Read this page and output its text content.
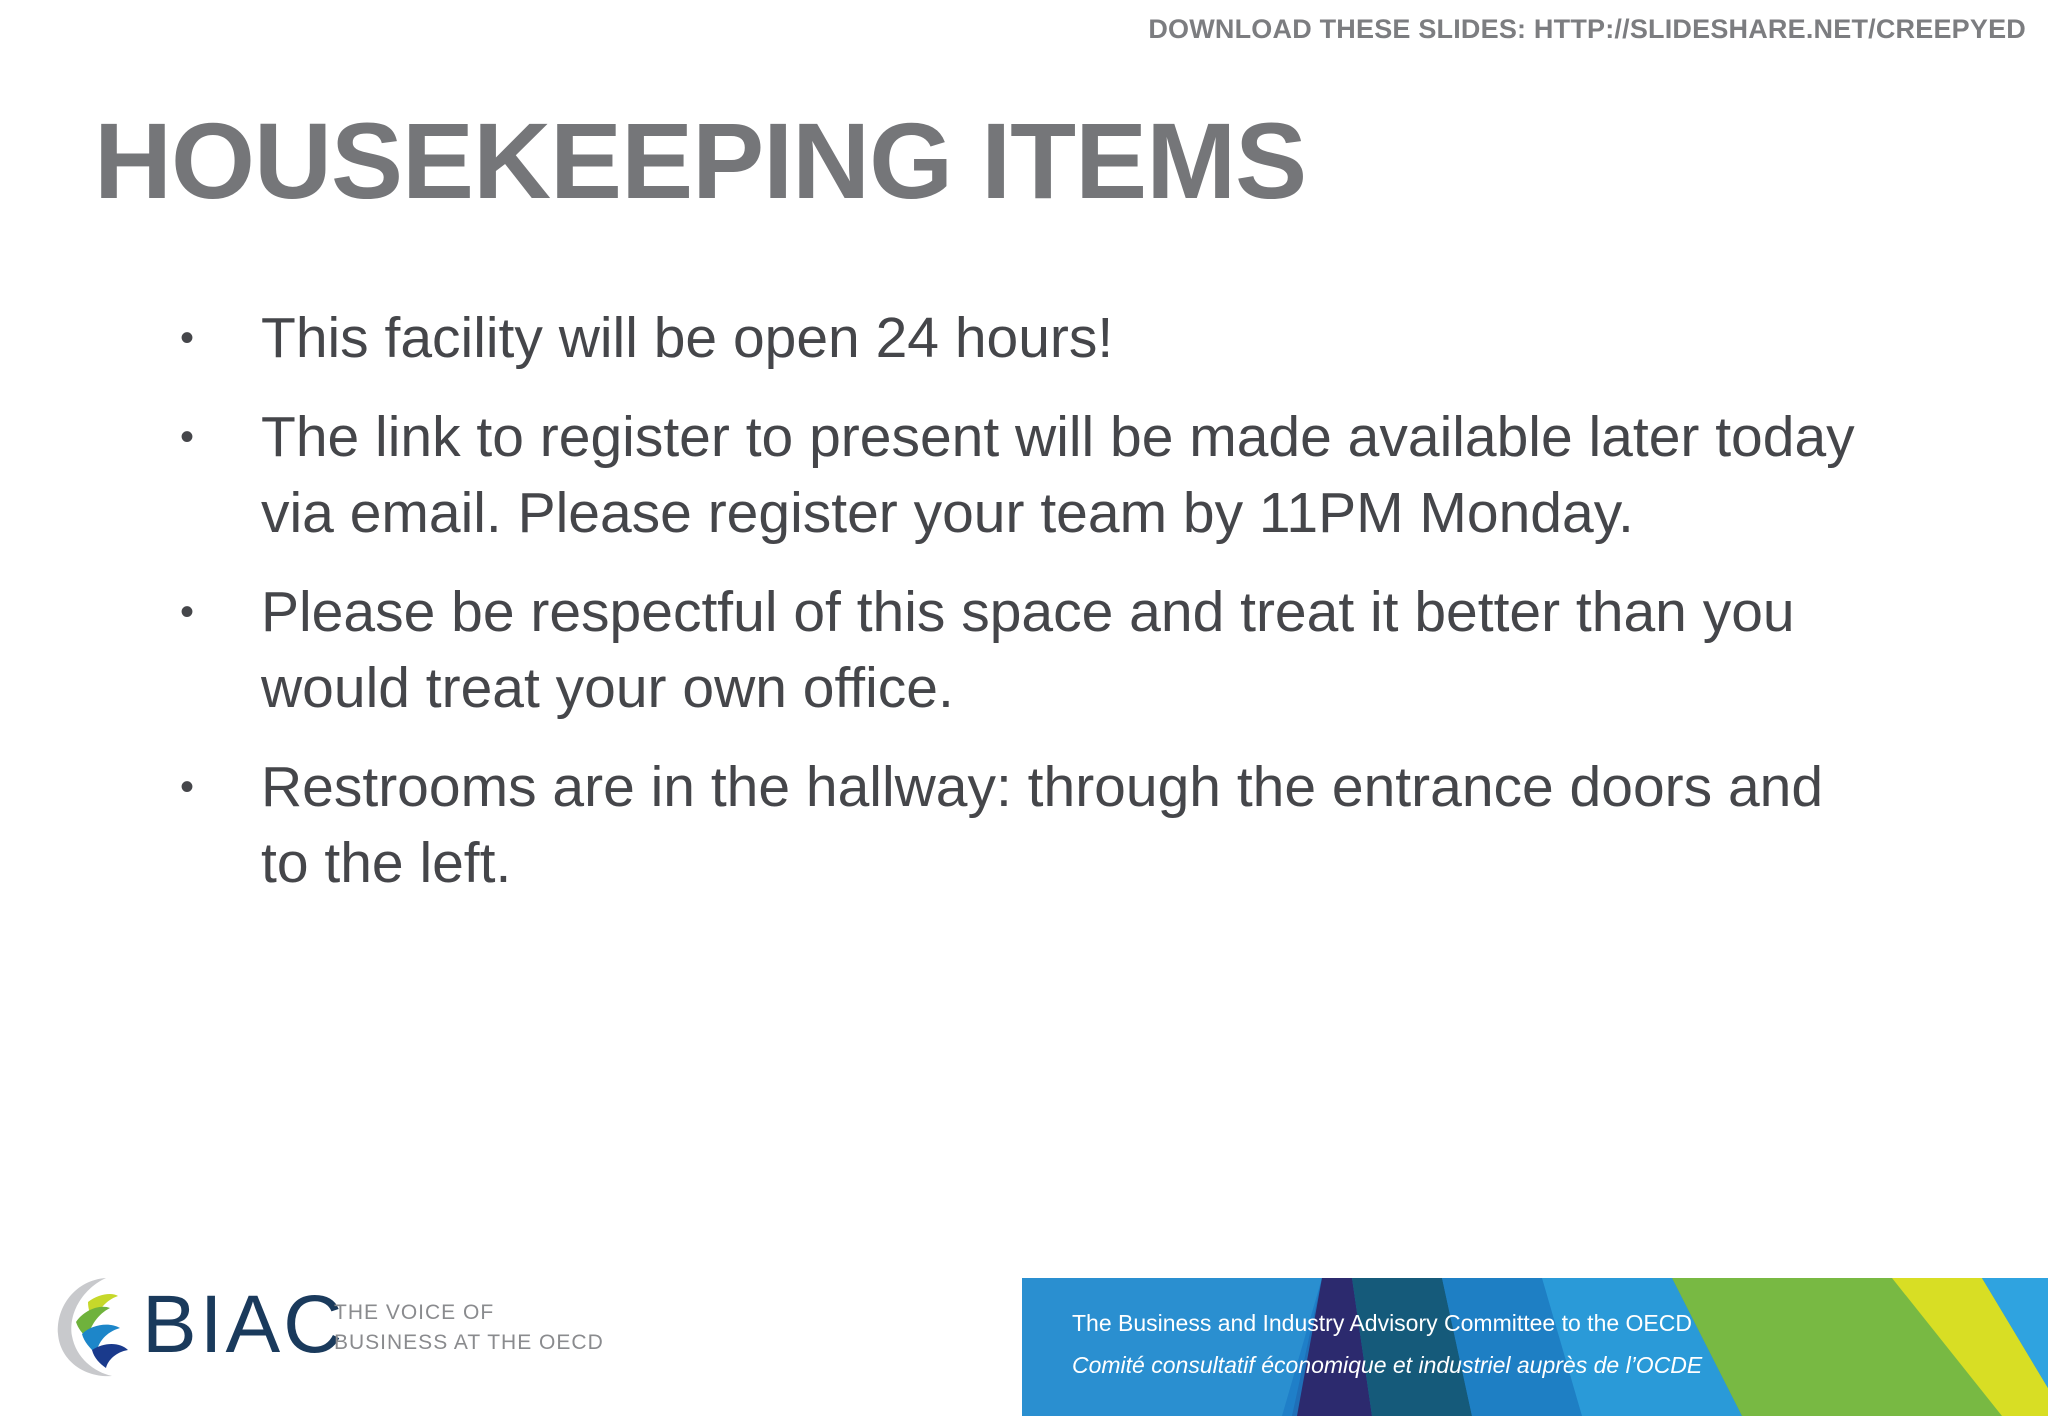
DOWNLOAD THESE SLIDES: HTTP://SLIDESHARE.NET/CREEPYED
HOUSEKEEPING ITEMS
• This facility will be open 24 hours!
• The link to register to present will be made available later today via email. Please register your team by 11PM Monday.
• Please be respectful of this space and treat it better than you would treat your own office.
• Restrooms are in the hallway: through the entrance doors and to the left.
BIAC
THE VOICE OF
BUSINESS AT THE OECD
The Business and Industry Advisory Committee to the OECD
Comité consultatif économique et industriel auprès de l’OCDE
